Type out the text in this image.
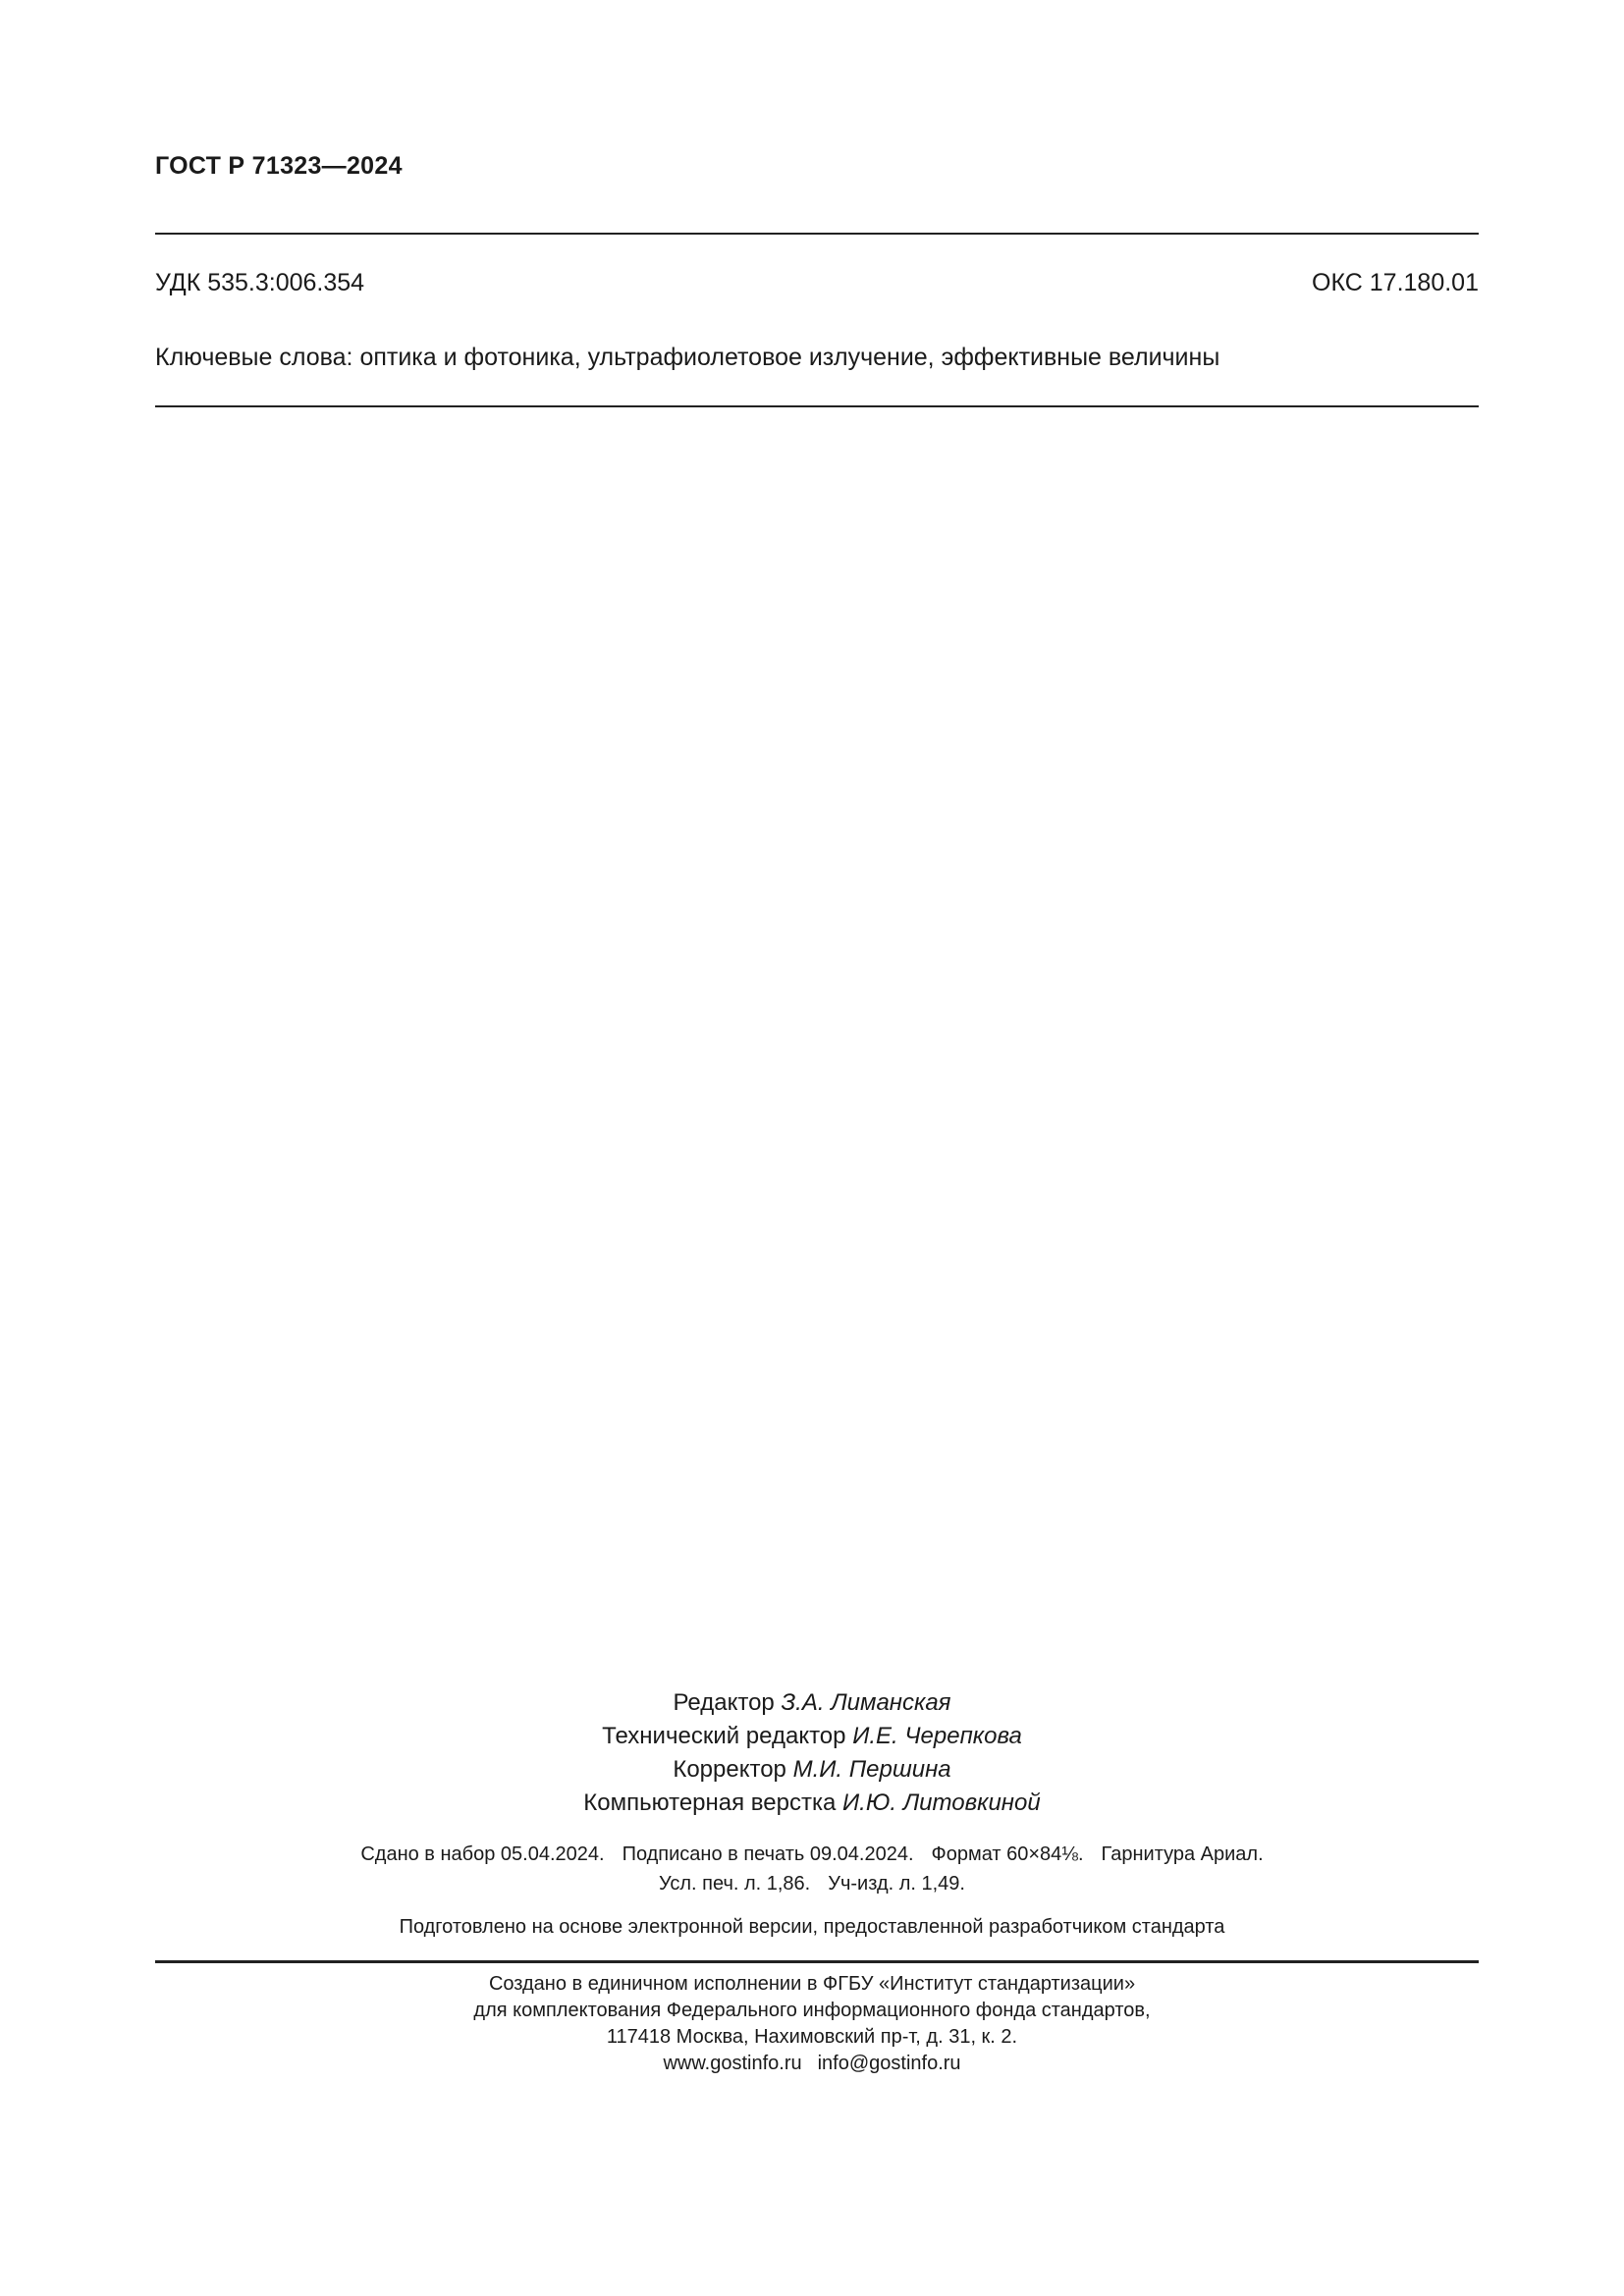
ГОСТ Р 71323—2024
УДК 535.3:006.354	ОКС 17.180.01
Ключевые слова: оптика и фотоника, ультрафиолетовое излучение, эффективные величины
Редактор З.А. Лиманская
Технический редактор И.Е. Черепкова
Корректор М.И. Першина
Компьютерная верстка И.Ю. Литовкиной
Сдано в набор 05.04.2024. Подписано в печать 09.04.2024. Формат 60×84⅛. Гарнитура Ариал.
Усл. печ. л. 1,86. Уч-изд. л. 1,49.
Подготовлено на основе электронной версии, предоставленной разработчиком стандарта
Создано в единичном исполнении в ФГБУ «Институт стандартизации»
для комплектования Федерального информационного фонда стандартов,
117418 Москва, Нахимовский пр-т, д. 31, к. 2.
www.gostinfo.ru info@gostinfo.ru
